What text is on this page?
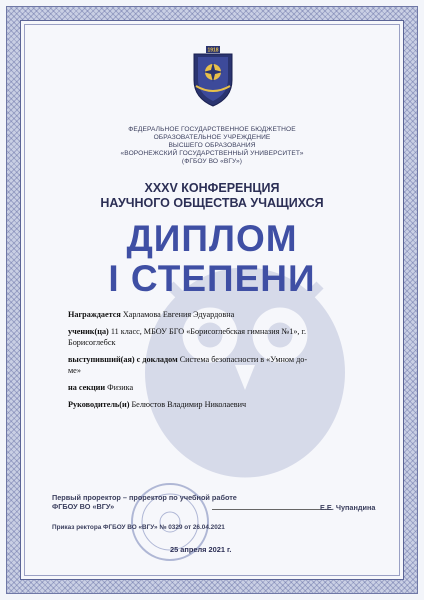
1918
ФЕДЕРАЛЬНОЕ ГОСУДАРСТВЕННОЕ БЮДЖЕТНОЕ
ОБРАЗОВАТЕЛЬНОЕ УЧРЕЖДЕНИЕ
ВЫСШЕГО ОБРАЗОВАНИЯ
«ВОРОНЕЖСКИЙ ГОСУДАРСТВЕННЫЙ УНИВЕРСИТЕТ»
(ФГБОУ ВО «ВГУ»)
XXXV КОНФЕРЕНЦИЯ
НАУЧНОГО ОБЩЕСТВА УЧАЩИХСЯ
ДИПЛОМ
I СТЕПЕНИ
Награждается Харламова Евгения Эдуардовна
ученик(ца) 11 класс, МБОУ БГО «Борисоглебская гимназия №1», г.
Борисоглебск
выступивший(ая) с докладом Система безопасности в «Умном до-
ме»
на секции Физика
Руководитель(и) Белюстов Владимир Николаевич
Первый проректор – проректор по учебной работе
ФГБОУ ВО «ВГУ»	Е.Е. Чупандина
Приказ ректора ФГБОУ ВО «ВГУ» № 0329 от 26.04.2021
25 апреля 2021 г.
